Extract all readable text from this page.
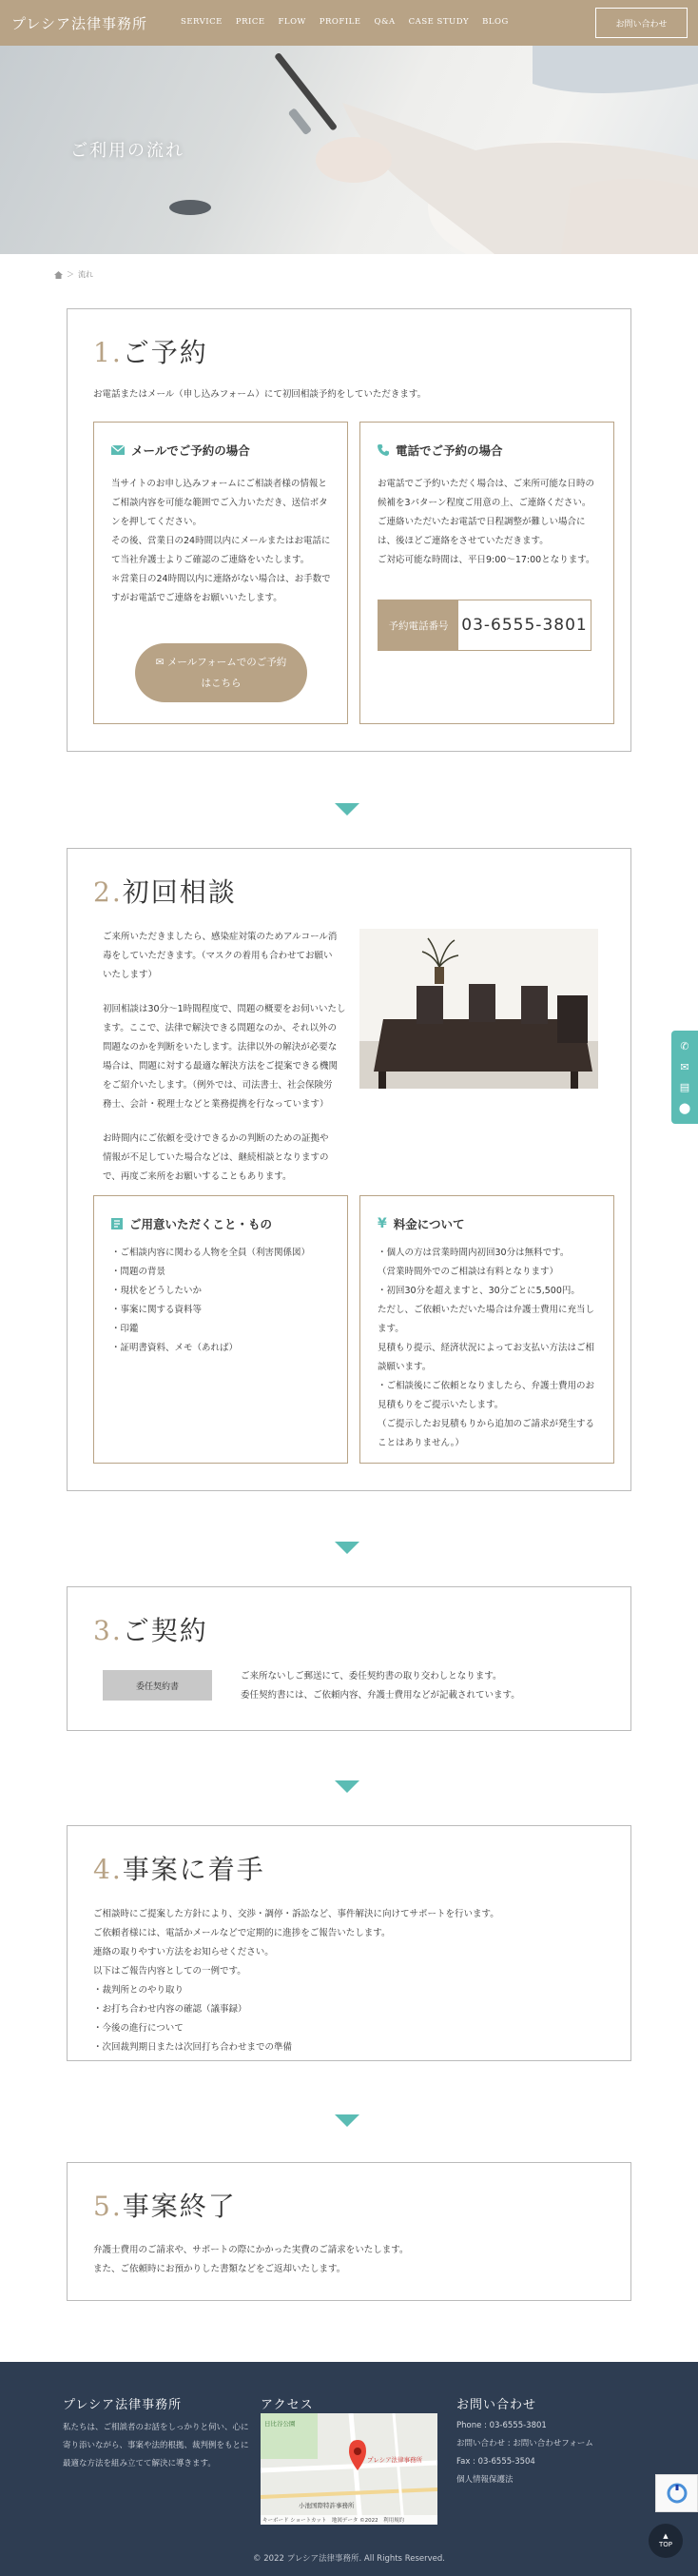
プレシア法律事務所	SERVICE PRICE FLOW PROFILE Q&A CASE STUDY BLOG	お問い合わせ
ご利用の流れ
＞ 流れ
1.ご予約
お電話またはメール（申し込みフォーム）にて初回相談予約をしていただきます。
メールでご予約の場合
当サイトのお申し込みフォームにご相談者様の情報と
ご相談内容を可能な範囲でご入力いただき、送信ボタ
ンを押してください。
その後、営業日の24時間以内にメールまたはお電話に
て当社弁護士よりご確認のご連絡をいたします。
＊営業日の24時間以内に連絡がない場合は、お手数で
すがお電話でご連絡をお願いいたします。
✉ メールフォームでのご予約
はこちら
電話でご予約の場合
お電話でご予約いただく場合は、ご来所可能な日時の
候補を3パターン程度ご用意の上、ご連絡ください。
ご連絡いただいたお電話で日程調整が難しい場合に
は、後ほどご連絡をさせていただきます。
ご対応可能な時間は、平日9:00〜17:00となります。
予約電話番号 03-6555-3801
2.初回相談
ご来所いただきましたら、感染症対策のためアルコール消
毒をしていただきます。（マスクの着用も合わせてお願い
いたします）
初回相談は30分〜1時間程度で、問題の概要をお伺いいたし
ます。ここで、法律で解決できる問題なのか、それ以外の
問題なのかを判断をいたします。法律以外の解決が必要な
場合は、問題に対する最適な解決方法をご提案できる機関
をご紹介いたします。（例外では、司法書士、社会保険労
務士、会計・税理士などと業務提携を行なっています）
お時間内にご依頼を受けできるかの判断のための証拠や
情報が不足していた場合などは、継続相談となりますの
で、再度ご来所をお願いすることもあります。
ご用意いただくこと・もの
・ご相談内容に関わる人物を全員（利害関係図）
・問題の背景
・現状をどうしたいか
・事案に関する資料等
・印鑑
・証明書資料、メモ（あれば）
¥ 料金について
・個人の方は営業時間内初回30分は無料です。
（営業時間外でのご相談は有料となります）
・初回30分を超えますと、30分ごとに5,500円。
ただし、ご依頼いただいた場合は弁護士費用に充当し
ます。
見積もり提示、経済状況によってお支払い方法はご相
談願います。
・ご相談後にご依頼となりましたら、弁護士費用のお
見積もりをご提示いたします。
（ご提示したお見積もりから追加のご請求が発生する
ことはありません。）
3.ご契約
委任契約書
ご来所ないしご郵送にて、委任契約書の取り交わしとなります。
委任契約書には、ご依頼内容、弁護士費用などが記載されています。
4.事案に着手
ご相談時にご提案した方針により、交渉・調停・訴訟など、事件解決に向けてサポートを行います。
ご依頼者様には、電話かメールなどで定期的に進捗をご報告いたします。
連絡の取りやすい方法をお知らせください。
以下はご報告内容としての一例です。
・裁判所とのやり取り
・お打ち合わせ内容の確認（議事録）
・今後の進行について
・次回裁判期日または次回打ち合わせまでの準備
5.事案終了
弁護士費用のご請求や、サポートの際にかかった実費のご請求をいたします。
また、ご依頼時にお預かりした書類などをご返却いたします。
✆
✉
▤
⬤
プレシア法律事務所
私たちは、ご相談者のお話をしっかりと伺い、心に
寄り添いながら、事案や法的根拠、裁判例をもとに
最適な方法を組み立てて解決に導きます。
アクセス
日比谷公園
小池国際特許事務所
プレシア法律事務所
キーボード ショートカット　地図データ ©2022　利用規約
お問い合わせ
Phone : 03-6555-3801
お問い合わせ : お問い合わせフォーム
Fax : 03-6555-3504
個人情報保護法
© 2022 プレシア法律事務所. All Rights Reserved.
▲
TOP
